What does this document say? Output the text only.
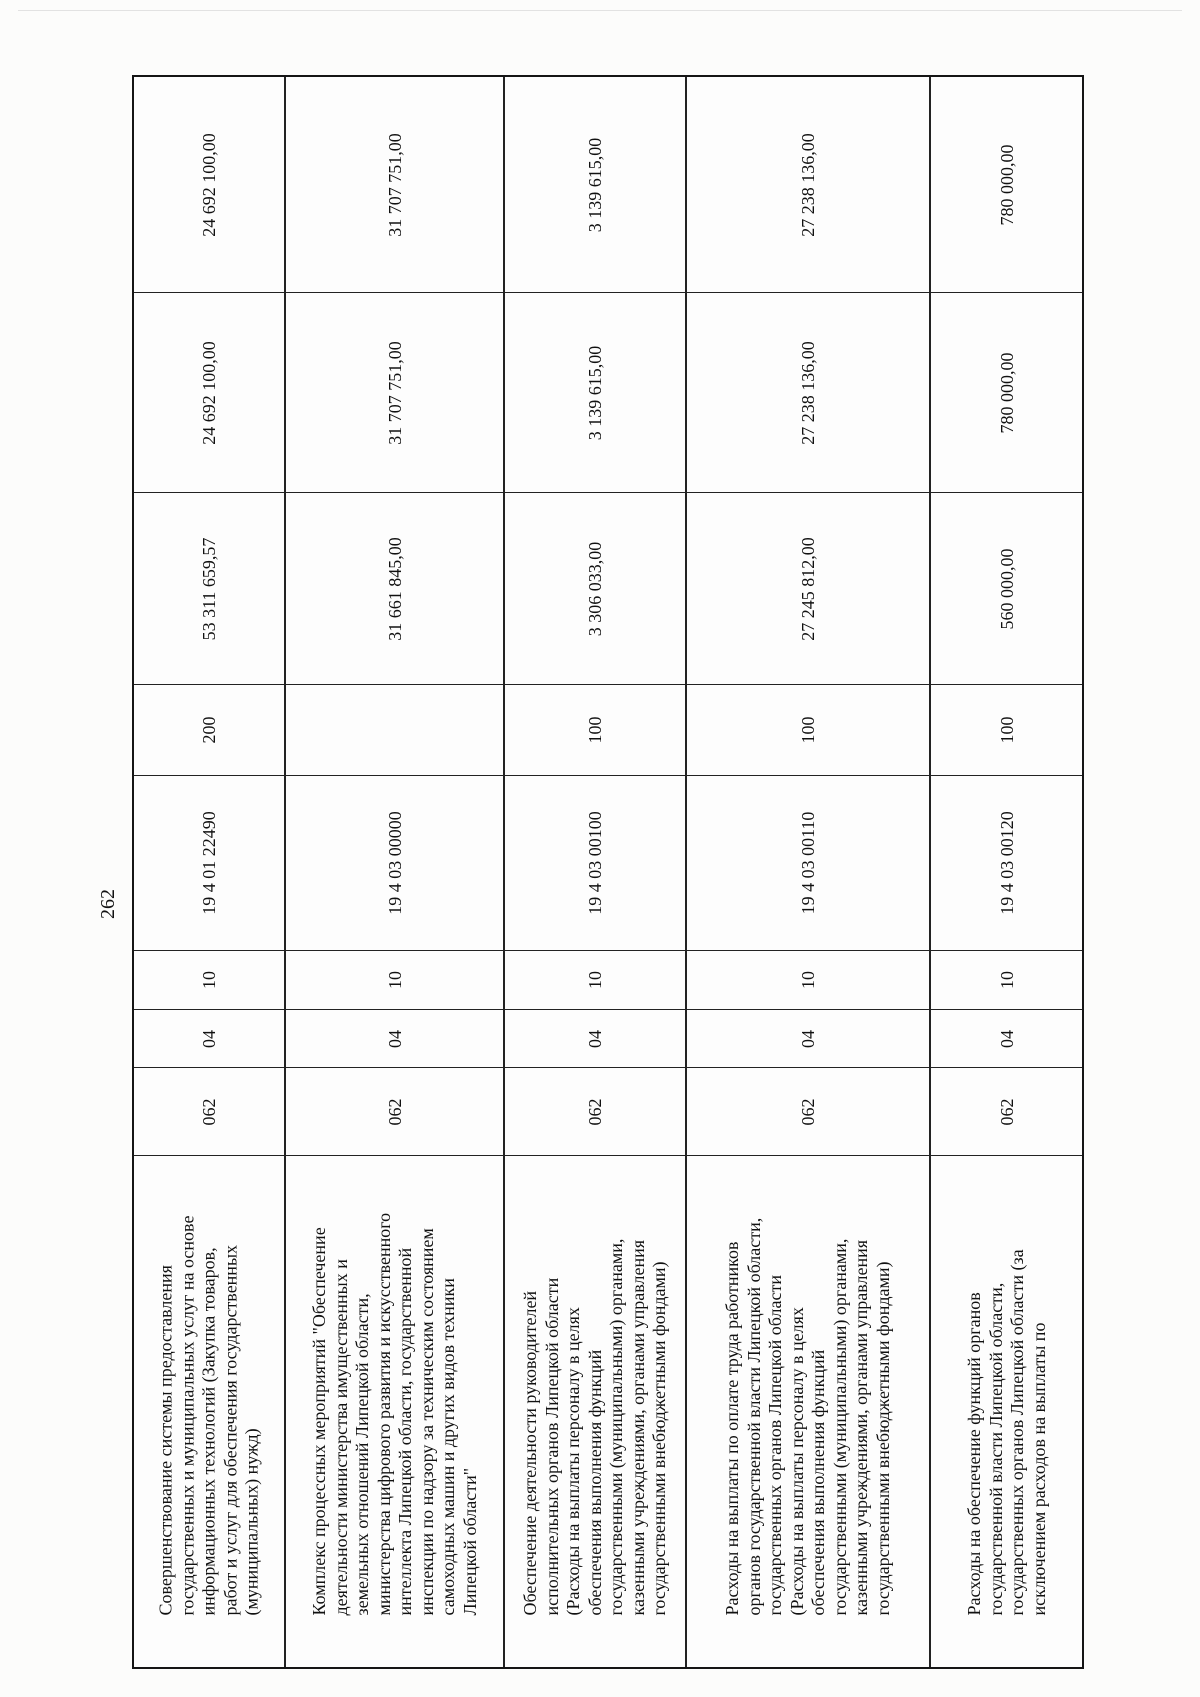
262
24 692 100,00
24 692 100,00
53 311 659,57
200
19 4 01 22490
10
04
062
Совершенствование системы предоставления государственных и муниципальных услуг на основе информационных технологий (Закупка товаров, работ и услуг для обеспечения государственных (муниципальных) нужд)
31 707 751,00
31 707 751,00
31 661 845,00
19 4 03 00000
10
04
062
Комплекс процессных мероприятий "Обеспечение деятельности министерства имущественных и земельных отношений Липецкой области, министерства цифрового развития и искусственного интеллекта Липецкой области, государственной инспекции по надзору за техническим состоянием самоходных машин и других видов техники Липецкой области"
3 139 615,00
3 139 615,00
3 306 033,00
100
19 4 03 00100
10
04
062
Обеспечение деятельности руководителей исполнительных органов Липецкой области (Расходы на выплаты персоналу в целях обеспечения выполнения функций государственными (муниципальными) органами, казенными учреждениями, органами управления государственными внебюджетными фондами)
27 238 136,00
27 238 136,00
27 245 812,00
100
19 4 03 00110
10
04
062
Расходы на выплаты по оплате труда работников органов государственной власти Липецкой области, государственных органов Липецкой области (Расходы на выплаты персоналу в целях обеспечения выполнения функций государственными (муниципальными) органами, казенными учреждениями, органами управления государственными внебюджетными фондами)
780 000,00
780 000,00
560 000,00
100
19 4 03 00120
10
04
062
Расходы на обеспечение функций органов государственной власти Липецкой области, государственных органов Липецкой области (за исключением расходов на выплаты по
